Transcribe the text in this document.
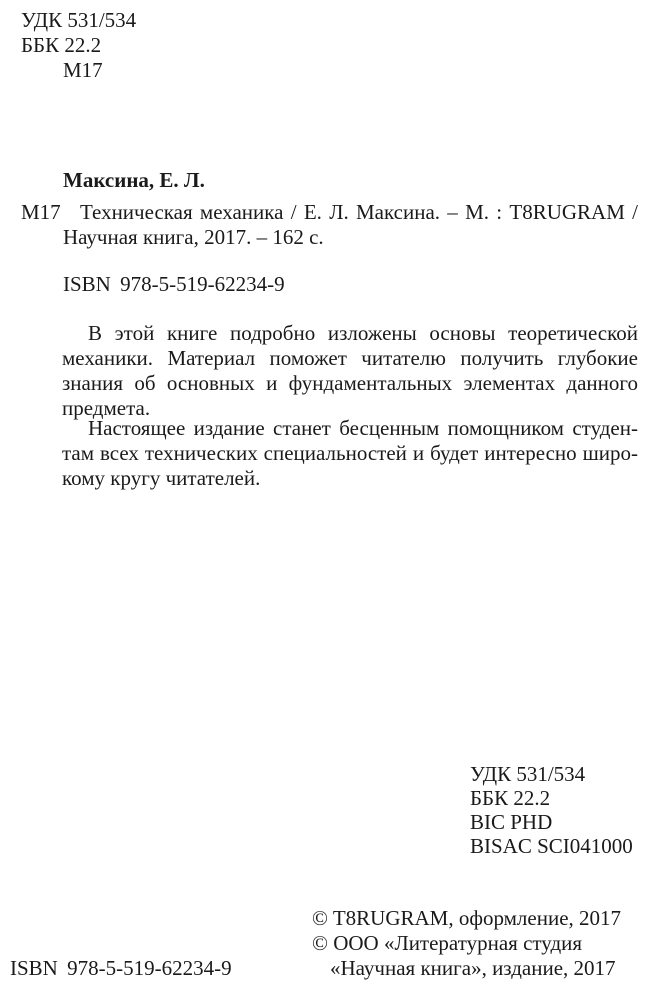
УДК 531/534
ББК 22.2
М17
Максина, Е. Л.
М17 Техническая механика / Е. Л. Максина. – М. : T8RUGRAM /
Научная книга, 2017. – 162 с.
ISBN 978-5-519-62234-9
В этой книге подробно изложены основы теоретической
механики. Материал поможет читателю получить глубокие
знания об основных и фундаментальных элементах данного
предмета.
Настоящее издание станет бесценным помощником студен-
там всех технических специальностей и будет интересно широ-
кому кругу читателей.
УДК 531/534
ББК 22.2
BIC PHD
BISAC SCI041000
© T8RUGRAM, оформление, 2017
© ООО «Литературная студия
ISBN 978-5-519-62234-9	«Научная книга», издание, 2017
